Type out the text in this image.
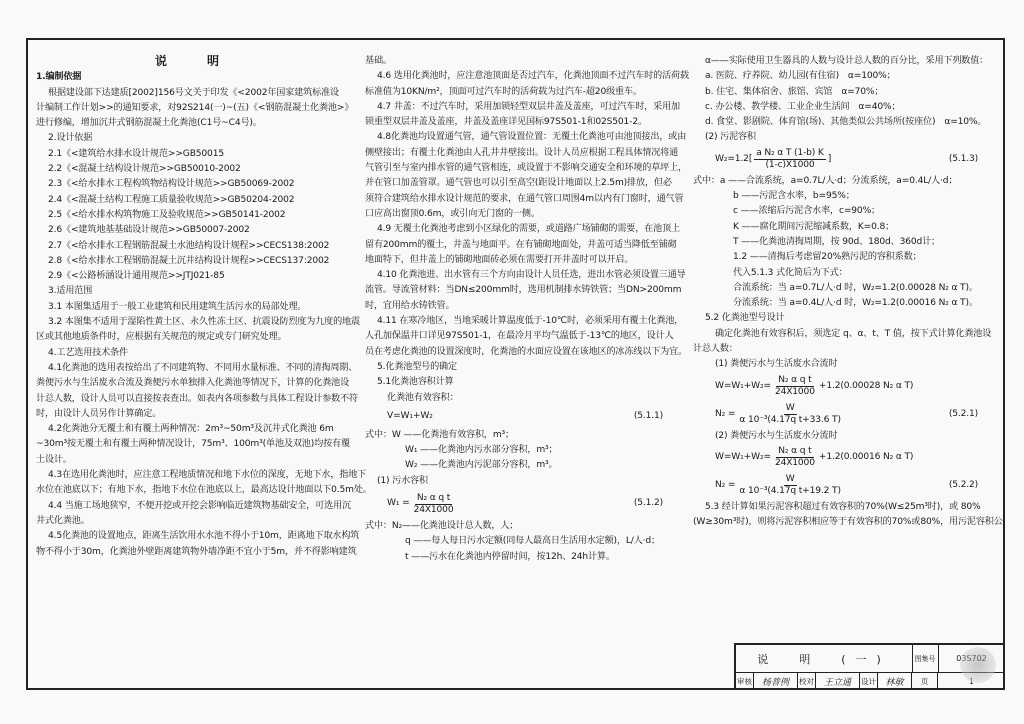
说　明

1.编制依据

根据建设部下达建质[2002]156号文关于印发《<2002年国家建筑标准设

计编制工作计划>>的通知要求，对92S214(一)~(五)《<钢筋混凝土化粪池>》

进行修编，增加沉井式钢筋混凝土化粪池(C1号~C4号)。

2.设计依据

2.1《<建筑给水排水设计规范>>GB50015

2.2《<混凝土结构设计规范>>GB50010-2002

2.3《<给水排水工程构筑物结构设计规范>>GB50069-2002

2.4《<混凝土结构工程施工质量验收规范>>GB50204-2002

2.5《<给水排水构筑物施工及验收规范>>GB50141-2002

2.6《<建筑地基基础设计规范>>GB50007-2002

2.7《<给水排水工程钢筋混凝土水池结构设计规程>>CECS138:2002

2.8《<给水排水工程钢筋混凝土沉井结构设计规程>>CECS137:2002

2.9《<公路桥涵设计通用规范>>JTJ021-85

3.适用范围

3.1 本图集适用于一般工业建筑和民用建筑生活污水的局部处理。

3.2 本图集不适用于湿陷性黄土区、永久性冻土区、抗震设防烈度为九度的地震

区或其他地质条件时，应根据有关规范的规定或专门研究处理。

4.工艺选用技术条件

4.1化粪池的选用表按给出了不同建筑物、不同用水量标准、不同的清掏周期、

粪便污水与生活废水合流及粪便污水单独排入化粪池等情况下，计算的化粪池设

计总人数，设计人员可以直接按表查出。如表内各项参数与具体工程设计参数不符

时，由设计人员另作计算确定。

4.2化粪池分无覆土和有覆土两种情况：2m³~50m³及沉井式化粪池 6m

~30m³按无覆土和有覆土两种情况设计，75m³、100m³(单池及双池)均按有覆

土设计。

4.3在选用化粪池时，应注意工程地质情况和地下水位的深度，无地下水，指地下

水位在池底以下；有地下水，指地下水位在池底以上，最高达设计地面以下0.5m处。

4.4 当施工场地狭窄，不便开挖或开挖会影响临近建筑物基础安全，可选用沉

井式化粪池。

4.5化粪池的设置地点，距离生活饮用水水池不得小于10m，距离地下取水构筑

物不得小于30m，化粪池外壁距离建筑物外墙净距不宜小于5m，并不得影响建筑

基础。

4.6 选用化粪池时，应注意池顶面是否过汽车，化粪池顶面不过汽车时的活荷载

标准值为10KN/m²，顶面可过汽车时的活荷载为过汽车-超20级重车。

4.7 井盖：不过汽车时，采用加锁轻型双层井盖及盖座，可过汽车时，采用加

锁重型双层井盖及盖座，井盖及盖座详见国标97S501-1和02S501-2。

4.8化粪池均设置通气管，通气管设置位置：无覆土化粪池可由池顶接出，或由

侧壁接出；有覆土化粪池由人孔井井壁接出。设计人员应根据工程具体情况将通

气管引至与室内排水管的通气管相连，或设置于不影响交通安全和环境的草坪上，

并在管口加盖管罩。通气管也可以引至高空(距设计地面以上2.5m)排放，但必

须符合建筑给水排水设计规范的要求，在通气管口周围4m以内有门窗时，通气管

口应高出窗顶0.6m，或引向无门窗的一侧。

4.9 无覆土化粪池考虑到小区绿化的需要，或道路广场铺砌的需要，在池顶上

留有200mm的覆土，井盖与地面平。在有铺砌地面处，井盖可适当降低至铺砌

地面特下，但井盖上的铺砌地面砖必须在需要打开井盖时可以开启。

4.10 化粪池进、出水管有三个方向由设计人员任选，进出水管必须设置三通导

流管。导流管材料：当DN≤200mm时，选用机制排水铸铁管；当DN>200mm

时，宜用给水铸铁管。

4.11 在寒冷地区，当地采暖计算温度低于-10℃时，必须采用有覆土化粪池，

人孔加保温井口详见97S501-1，在最冷月平均气温低于-13℃的地区，设计人

员在考虑化粪池的设置深度时，化粪池的水面应设置在该地区的冰冻线以下为宜。

5.化粪池型号的确定

5.1化粪池容积计算

化粪池有效容积：

V=W₁+W₂	(5.1.1)

式中：W ——化粪池有效容积，m³；

W₁ ——化粪池内污水部分容积，m³；

W₂ ——化粪池内污泥部分容积，m³。

(1) 污水容积

$W_1 = \frac{\text{N₂ α q t}}{24X1000}$	(5.1.2)

式中：N₂——化粪池设计总人数，人；

q ——每人每日污水定额(同每人最高日生活用水定额)，L/人·d；

t ——污水在化粪池内停留时间，按12h、24h计算。

α——实际使用卫生器具的人数与设计总人数的百分比，采用下列数值：

a. 医院、疗养院、幼儿园(有住宿)　α=100%；

b. 住宅、集体宿舍、旅馆、宾馆　α=70%；

c. 办公楼、教学楼、工业企业生活间　α=40%；

d. 食堂、影剧院、体育馆(场)、其他类似公共场所(按座位)　α=10%。

(2) 污泥容积

$W_2=1.2[ \frac{\text{a N₂ α T (1-b) K}}{(1-c)X1000}$ ]	(5.1.3)

式中：a ——合流系统，a=0.7L/人·d；分流系统，a=0.4L/人·d；

b ——污泥含水率，b=95%；

c ——浓缩后污泥含水率，c=90%；

K ——腐化期间污泥缩减系数，K=0.8；

T ——化粪池清掏周期，按 90d、180d、360d计；

1.2 ——清掏后考虑留20%熟污泥的容积系数；

代入5.1.3 式化简后为下式：

合流系统：当 a=0.7L/人·d 时，W₂=1.2(0.00028 N₂ α T)。

分流系统：当 a=0.4L/人·d 时，W₂=1.2(0.00016 N₂ α T)。

5.2 化粪池型号设计

确定化粪池有效容积后，须选定 q、α、t、T 值，按下式计算化粪池设

计总人数：

(1) 粪便污水与生活废水合流时

$W=W_1+W_2= \frac{\text{N₂ α q t}}{24X1000} +1.2(0.00028$ N₂ α T)
$N_2 = \frac{W}{\text{α 10⁻³(4.17q t+33.6 T)}}$	(5.2.1)

(2) 粪便污水与生活废水分流时

$W=W_1+W_2= \frac{\text{N₂ α q t}}{24X1000} +1.2(0.00016$ N₂ α T)
$N_2 = \frac{W}{\text{α 10⁻³(4.17q t+19.2 T)}}$	(5.2.2)

5.3 经计算如果污泥容积超过有效容积的70%(W≤25m³时)，或 80%

(W≥30m³时)，则将污泥容积相应等于有效容积的70%或80%，用污泥容积公

说　明　(一)	图集号	03S702
审核	杨普例	校对	王立通	设计	林敏	页	1
